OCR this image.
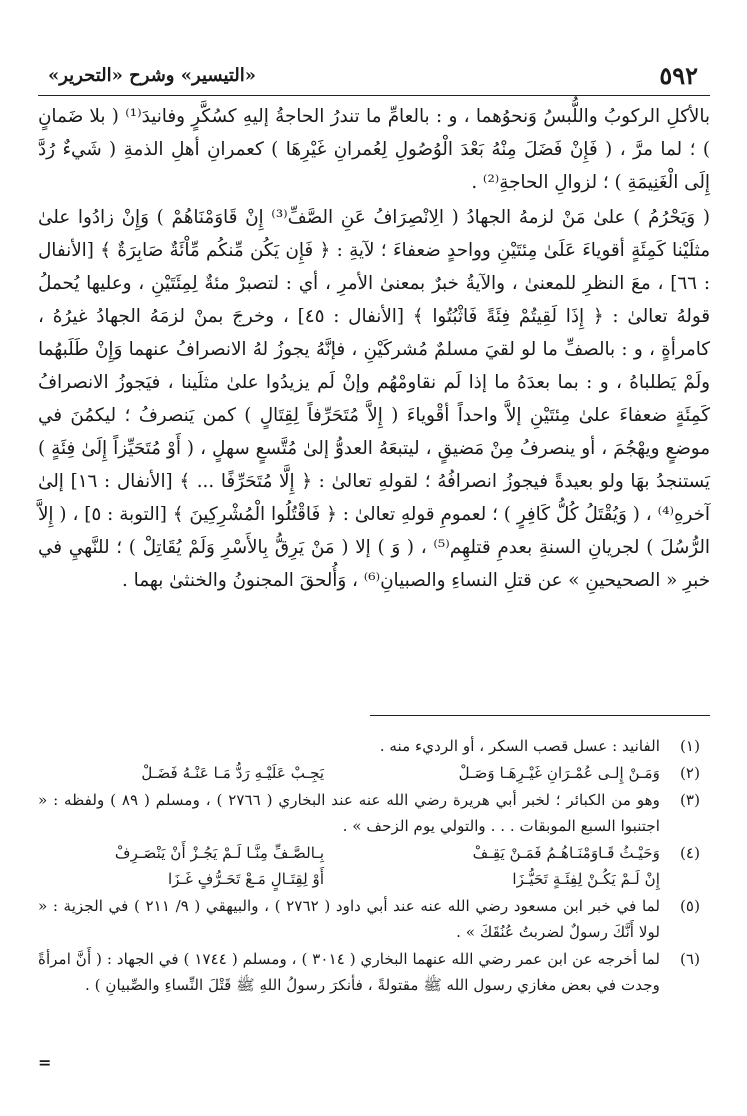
٥٩٢
«التيسير» وشرح «التحرير»

بالأكلِ الركوبُ واللُّبسُ وَنحوُهما ، و : بالعامِّ ما تندرُ الحاجةُ إليهِ كسُكَّرٍ وفانيدَ⁽¹⁾ ( بلا ضَمانٍ ) ؛ لما مرَّ ، ( فَإِنْ فَضَلَ مِنْهُ بَعْدَ الْوُصُولِ لِعُمرانِ غَيْرِهَا ) كعمرانِ أهلِ الذمةِ ( شَيءٌ رُدَّ إِلَى الْغَنِيمَةِ ) ؛ لزوالِ الحاجةِ⁽²⁾ .

( وَيَحْرُمُ ) علىٰ مَنْ لزمهُ الجهادُ ( الِانْصِرَافُ عَنِ الصَّفِّ⁽³⁾ إِنْ قَاوَمْنَاهُمْ ) وَإِنْ زادُوا علىٰ مثلَيْنا كَمِئَةٍ أقوياءَ عَلَىٰ مِئتَيْنِ وواحدٍ ضعفاءَ ؛ لآيةِ : ﴿ فَإِن يَكُن مِّنكُم مِّاْئَةٌ صَابِرَةٌ ﴾ [الأنفال : ٦٦] ، معَ النظرِ للمعنىٰ ، والآيةُ خبرٌ بمعنىٰ الأمرِ ، أي : لتصبرْ مئةٌ لِمِئَتَيْنِ ، وعليها يُحملُ قولهُ تعالىٰ : ﴿ إِذَا لَقِيتُمْ فِئَةً فَاثْبُتُوا ﴾ [الأنفال : ٤٥] ، وخرجَ بمنْ لزمَهُ الجهادُ غيرُهُ ، كامرأةٍ ، و : بالصفِّ ما لو لقيَ مسلمٌ مُشركَيْنِ ، فإنَّهُ يجوزُ لهُ الانصرافُ عنهما وَإِنْ طَلَبهُما ولَمْ يَطلباهُ ، و : بما بعدَهُ ما إذا لَم نقاومْهُم وإنْ لَم يزيدُوا علىٰ مثلَينا ، فيَجوزُ الانصرافُ كَمِئَةٍ ضعفاءَ علىٰ مِئتَيْنِ إلاَّ واحداً أقْوياءَ ( إِلاَّ مُتَحَرِّفاً لِقِتَالٍ ) كمن يَنصرفُ ؛ ليكمُنَ في موضعٍ ويهْجُمَ ، أو ينصرفُ مِنْ مَضيقٍ ، ليتبعَهُ العدوُّ إلىٰ مُتَّسعٍ سهلٍ ، ( أَوْ مُتَحَيِّزاً إِلَىٰ فِئَةٍ ) يَستنجدُ بهَا ولو بعيدةً فيجوزُ انصرافُهُ ؛ لقولهِ تعالىٰ : ﴿ إِلَّا مُتَحَرِّفًا ... ﴾ [الأنفال : ١٦] إلىٰ آخرهِ⁽⁴⁾ ، ( وَيُقْتَلُ كُلُّ كَافِرٍ ) ؛ لعمومِ قولهِ تعالىٰ : ﴿ فَاقْتُلُوا الْمُشْرِكِينَ ﴾ [التوبة : ٥] ، ( إِلاَّ الرُّسُلَ ) لجريانِ السنةِ بعدمِ قتلهِم⁽⁵⁾ ، ( وَ ) إلا ( مَنْ يَرِقُّ بِالأَسْرِ وَلَمْ يُقَاتِلْ ) ؛ للنَّهيِ في خبرِ « الصحيحينِ » عن قتلِ النساءِ والصبيانِ⁽⁶⁾ ، وَأُلحقَ المجنونُ والخنثىٰ بهما .

(١)
الفانيد : عسل قصب السكر ، أو الرديء منه .
(٢)
وَمَـنْ إِلـى عُمْـرَانِ غَيْـرِهَـا وَصَـلْ
يَجِـبْ عَلَيْـهِ رَدُّ مَـا عَنْـهُ فَضَـلْ
(٣)
وهو من الكبائر ؛ لخبر أبي هريرة رضي الله عنه عند البخاري ( ٢٧٦٦ ) ، ومسلم ( ٨٩ ) ولفظه : « اجتنبوا السبع الموبقات . . . والتولي يوم الزحف » .
(٤)
وَحَيْـثُ قَـاوَمْنَـاهُـمُ فَمَـنْ يَقِـفْ
بِـالصَّـفِّ مِنَّـا لَـمْ يَجُـزْ أَنْ يَنْصَـرِفْ
إِنْ لَـمْ يَكُـنْ لِفِئَـةٍ تَحَيُّـزَا
أَوْ لِقِتَـالٍ مَـعْ تَحَـرُّفٍ غَـزَا
(٥)
لما في خبر ابن مسعود رضي الله عنه عند أبي داود ( ٢٧٦٢ ) ، والبيهقي ( ٩/ ٢١١ ) في الجزية : « لولا أَنَّكَ رسولٌ لضربتُ عُنُقَكَ » .
(٦)
لما أخرجه عن ابن عمر رضي الله عنهما البخاري ( ٣٠١٤ ) ، ومسلم ( ١٧٤٤ ) في الجهاد : ( أَنَّ امرأةً وجدت في بعض مغازي رسول الله ﷺ مقتولةً ، فأنكرَ رسولُ اللهِ ﷺ قَتْلَ النِّساءِ والصِّبيانِ ) .
=
